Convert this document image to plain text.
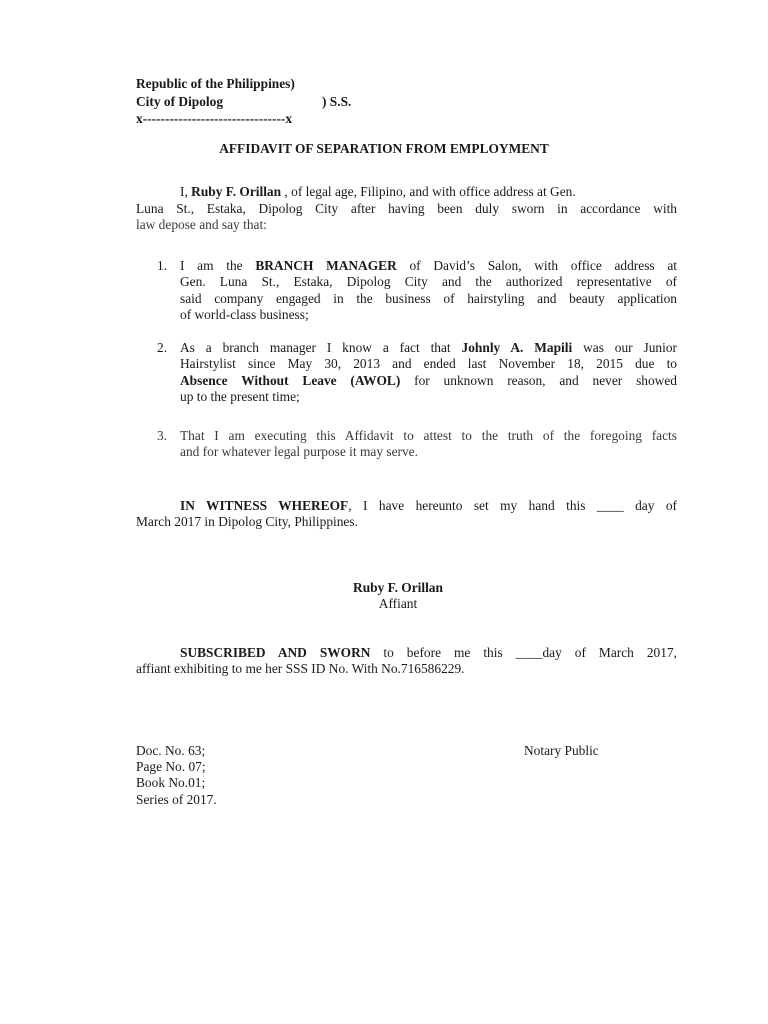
Republic of the Philippines)
City of Dipolog	) S.S.
x--------------------------------x
AFFIDAVIT OF SEPARATION FROM EMPLOYMENT
I, Ruby F. Orillan , of legal age, Filipino, and with office address at Gen.
Luna St., Estaka, Dipolog City after having been duly sworn in accordance with
law depose and say that:
1. I am the BRANCH MANAGER of David’s Salon, with office address at
Gen. Luna St., Estaka, Dipolog City and the authorized representative of
said company engaged in the business of hairstyling and beauty application
of world-class business;
2. As a branch manager I know a fact that Johnly A. Mapili was our Junior
Hairstylist since May 30, 2013 and ended last November 18, 2015 due to
Absence Without Leave (AWOL) for unknown reason, and never showed
up to the present time;
3. That I am executing this Affidavit to attest to the truth of the foregoing facts
and for whatever legal purpose it may serve.
IN WITNESS WHEREOF, I have hereunto set my hand this ____ day of
March 2017 in Dipolog City, Philippines.
Ruby F. Orillan
Affiant
SUBSCRIBED AND SWORN to before me this ____day of March 2017,
affiant exhibiting to me her SSS ID No. With No.716586229.
Doc. No. 63;
Page No. 07;
Book No.01;
Series of 2017.
Notary Public
